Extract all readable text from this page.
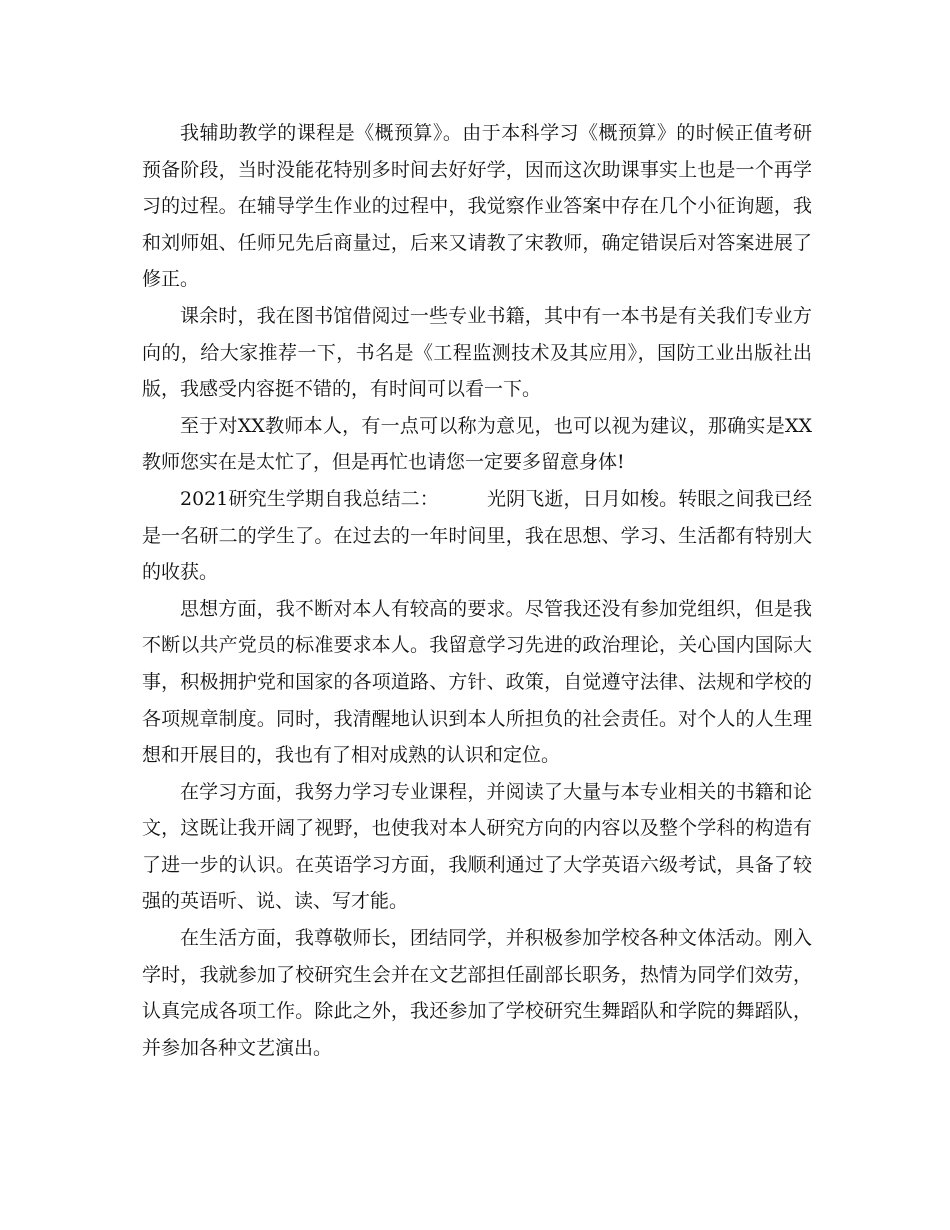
我辅助教学的课程是《概预算》。由于本科学习《概预算》的时候正值考研预备阶段，当时没能花特别多时间去好好学，因而这次助课事实上也是一个再学习的过程。在辅导学生作业的过程中，我觉察作业答案中存在几个小征询题，我和刘师姐、任师兄先后商量过，后来又请教了宋教师，确定错误后对答案进展了修正。

课余时，我在图书馆借阅过一些专业书籍，其中有一本书是有关我们专业方向的，给大家推荐一下，书名是《工程监测技术及其应用》，国防工业出版社出版，我感受内容挺不错的，有时间可以看一下。

至于对XX教师本人，有一点可以称为意见，也可以视为建议，那确实是XX教师您实在是太忙了，但是再忙也请您一定要多留意身体!

2021研究生学期自我总结二：	光阴飞逝，日月如梭。转眼之间我已经是一名研二的学生了。在过去的一年时间里，我在思想、学习、生活都有特别大的收获。

思想方面，我不断对本人有较高的要求。尽管我还没有参加党组织，但是我不断以共产党员的标准要求本人。我留意学习先进的政治理论，关心国内国际大事，积极拥护党和国家的各项道路、方针、政策，自觉遵守法律、法规和学校的各项规章制度。同时，我清醒地认识到本人所担负的社会责任。对个人的人生理想和开展目的，我也有了相对成熟的认识和定位。

在学习方面，我努力学习专业课程，并阅读了大量与本专业相关的书籍和论文，这既让我开阔了视野，也使我对本人研究方向的内容以及整个学科的构造有了进一步的认识。在英语学习方面，我顺利通过了大学英语六级考试，具备了较强的英语听、说、读、写才能。

在生活方面，我尊敬师长，团结同学，并积极参加学校各种文体活动。刚入学时，我就参加了校研究生会并在文艺部担任副部长职务，热情为同学们效劳，认真完成各项工作。除此之外，我还参加了学校研究生舞蹈队和学院的舞蹈队，并参加各种文艺演出。
